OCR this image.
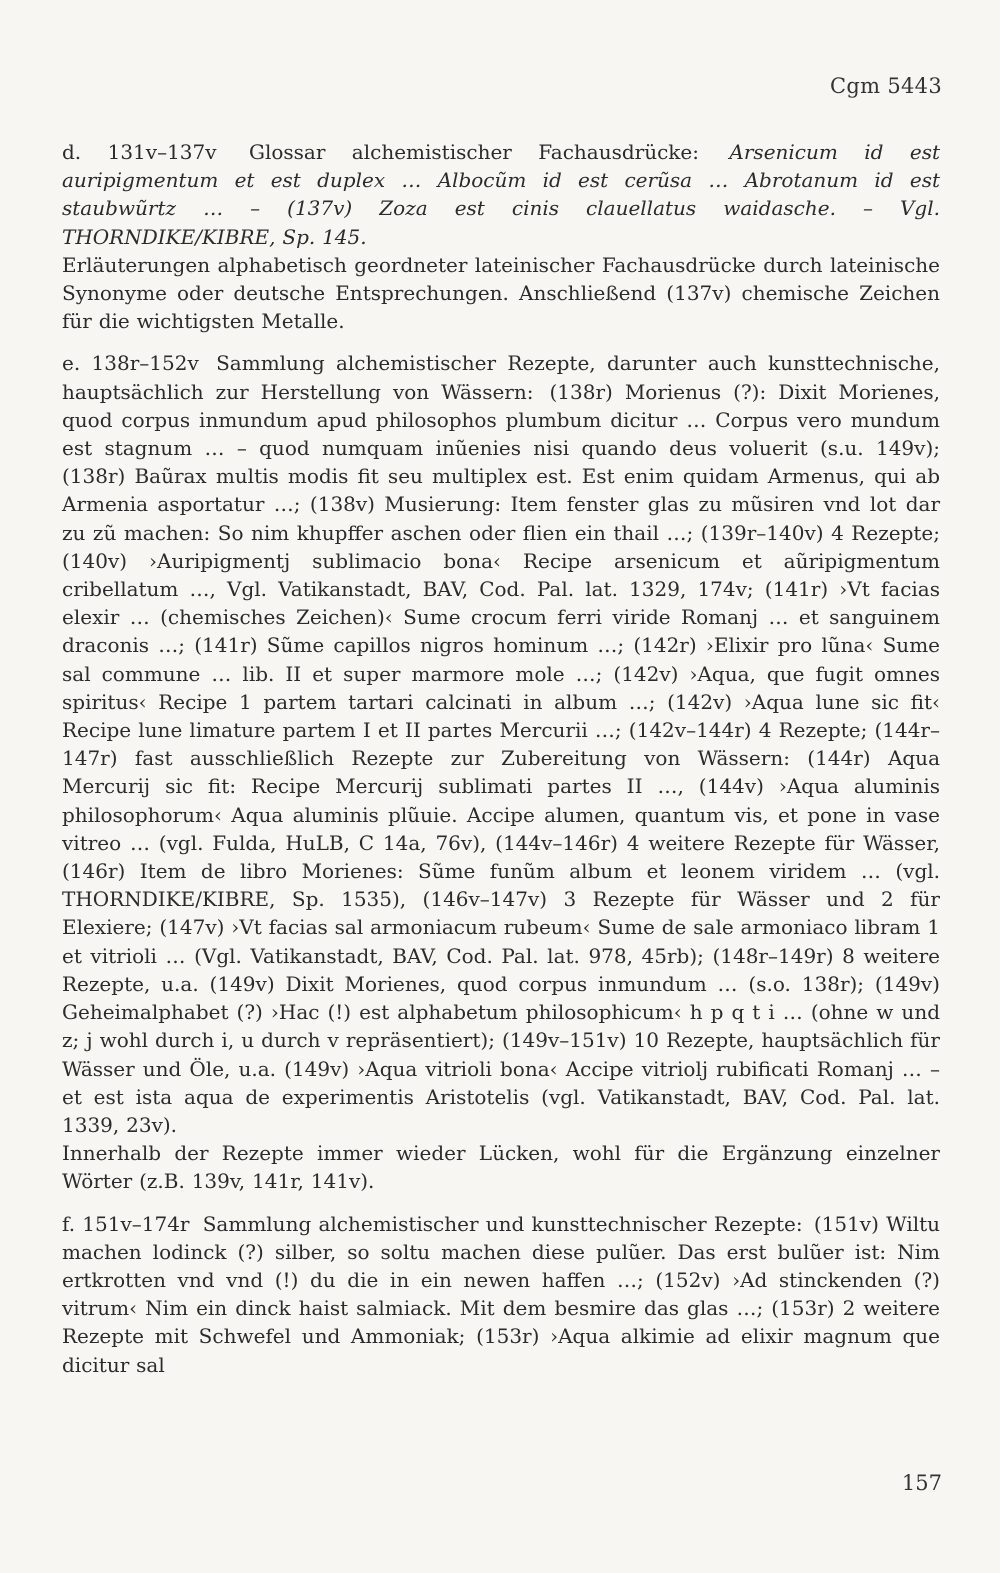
Cgm 5443

d. 131v–137v Glossar alchemistischer Fachausdrücke: Arsenicum id est auripigmentum et est duplex … Albocũm id est cerũsa … Abrotanum id est staubwũrtz … – (137v) Zoza est cinis clauellatus waidasche. – Vgl. THORNDIKE/KIBRE, Sp. 145.

Erläuterungen alphabetisch geordneter lateinischer Fachausdrücke durch lateinische Synonyme oder deutsche Entsprechungen. Anschließend (137v) chemische Zeichen für die wichtigsten Metalle.

e. 138r–152v Sammlung alchemistischer Rezepte, darunter auch kunsttechnische, hauptsächlich zur Herstellung von Wässern: (138r) Morienus (?): Dixit Morienes, quod corpus inmundum apud philosophos plumbum dicitur … Corpus vero mundum est stagnum … – quod numquam inũenies nisi quando deus voluerit (s.u. 149v); (138r) Baũrax multis modis fit seu multiplex est. Est enim quidam Armenus, qui ab Armenia asportatur …; (138v) Musierung: Item fenster glas zu mũsiren vnd lot dar zu zũ machen: So nim khupffer aschen oder flien ein thail …; (139r–140v) 4 Rezepte; (140v) ›Auripigmentj sublimacio bona‹ Recipe arsenicum et aũripigmentum cribellatum …, Vgl. Vatikanstadt, BAV, Cod. Pal. lat. 1329, 174v; (141r) ›Vt facias elexir … (chemisches Zeichen)‹ Sume crocum ferri viride Romanj … et sanguinem draconis …; (141r) Sũme capillos nigros hominum …; (142r) ›Elixir pro lũna‹ Sume sal commune … lib. II et super marmore mole …; (142v) ›Aqua, que fugit omnes spiritus‹ Recipe 1 partem tartari calcinati in album …; (142v) ›Aqua lune sic fit‹ Recipe lune limature partem I et II partes Mercurii …; (142v–144r) 4 Rezepte; (144r–147r) fast ausschließlich Rezepte zur Zubereitung von Wässern: (144r) Aqua Mercurij sic fit: Recipe Mercurij sublimati partes II …, (144v) ›Aqua aluminis philosophorum‹ Aqua aluminis plũuie. Accipe alumen, quantum vis, et pone in vase vitreo … (vgl. Fulda, HuLB, C 14a, 76v), (144v–146r) 4 weitere Rezepte für Wässer, (146r) Item de libro Morienes: Sũme funũm album et leonem viridem … (vgl. THORNDIKE/KIBRE, Sp. 1535), (146v–147v) 3 Rezepte für Wässer und 2 für Elexiere; (147v) ›Vt facias sal armoniacum rubeum‹ Sume de sale armoniaco libram 1 et vitrioli … (Vgl. Vatikanstadt, BAV, Cod. Pal. lat. 978, 45rb); (148r–149r) 8 weitere Rezepte, u.a. (149v) Dixit Morienes, quod corpus inmundum … (s.o. 138r); (149v) Geheimalphabet (?) ›Hac (!) est alphabetum philosophicum‹ h p q t i … (ohne w und z; j wohl durch i, u durch v repräsentiert); (149v–151v) 10 Rezepte, hauptsächlich für Wässer und Öle, u.a. (149v) ›Aqua vitrioli bona‹ Accipe vitriolj rubificati Romanj … – et est ista aqua de experimentis Aristotelis (vgl. Vatikanstadt, BAV, Cod. Pal. lat. 1339, 23v).

Innerhalb der Rezepte immer wieder Lücken, wohl für die Ergänzung einzelner Wörter (z.B. 139v, 141r, 141v).

f. 151v–174r Sammlung alchemistischer und kunsttechnischer Rezepte: (151v) Wiltu machen lodinck (?) silber, so soltu machen diese pulũer. Das erst bulũer ist: Nim ertkrotten vnd vnd (!) du die in ein newen haffen …; (152v) ›Ad stinckenden (?) vitrum‹ Nim ein dinck haist salmiack. Mit dem besmire das glas …; (153r) 2 weitere Rezepte mit Schwefel und Ammoniak; (153r) ›Aqua alkimie ad elixir magnum que dicitur sal

157
